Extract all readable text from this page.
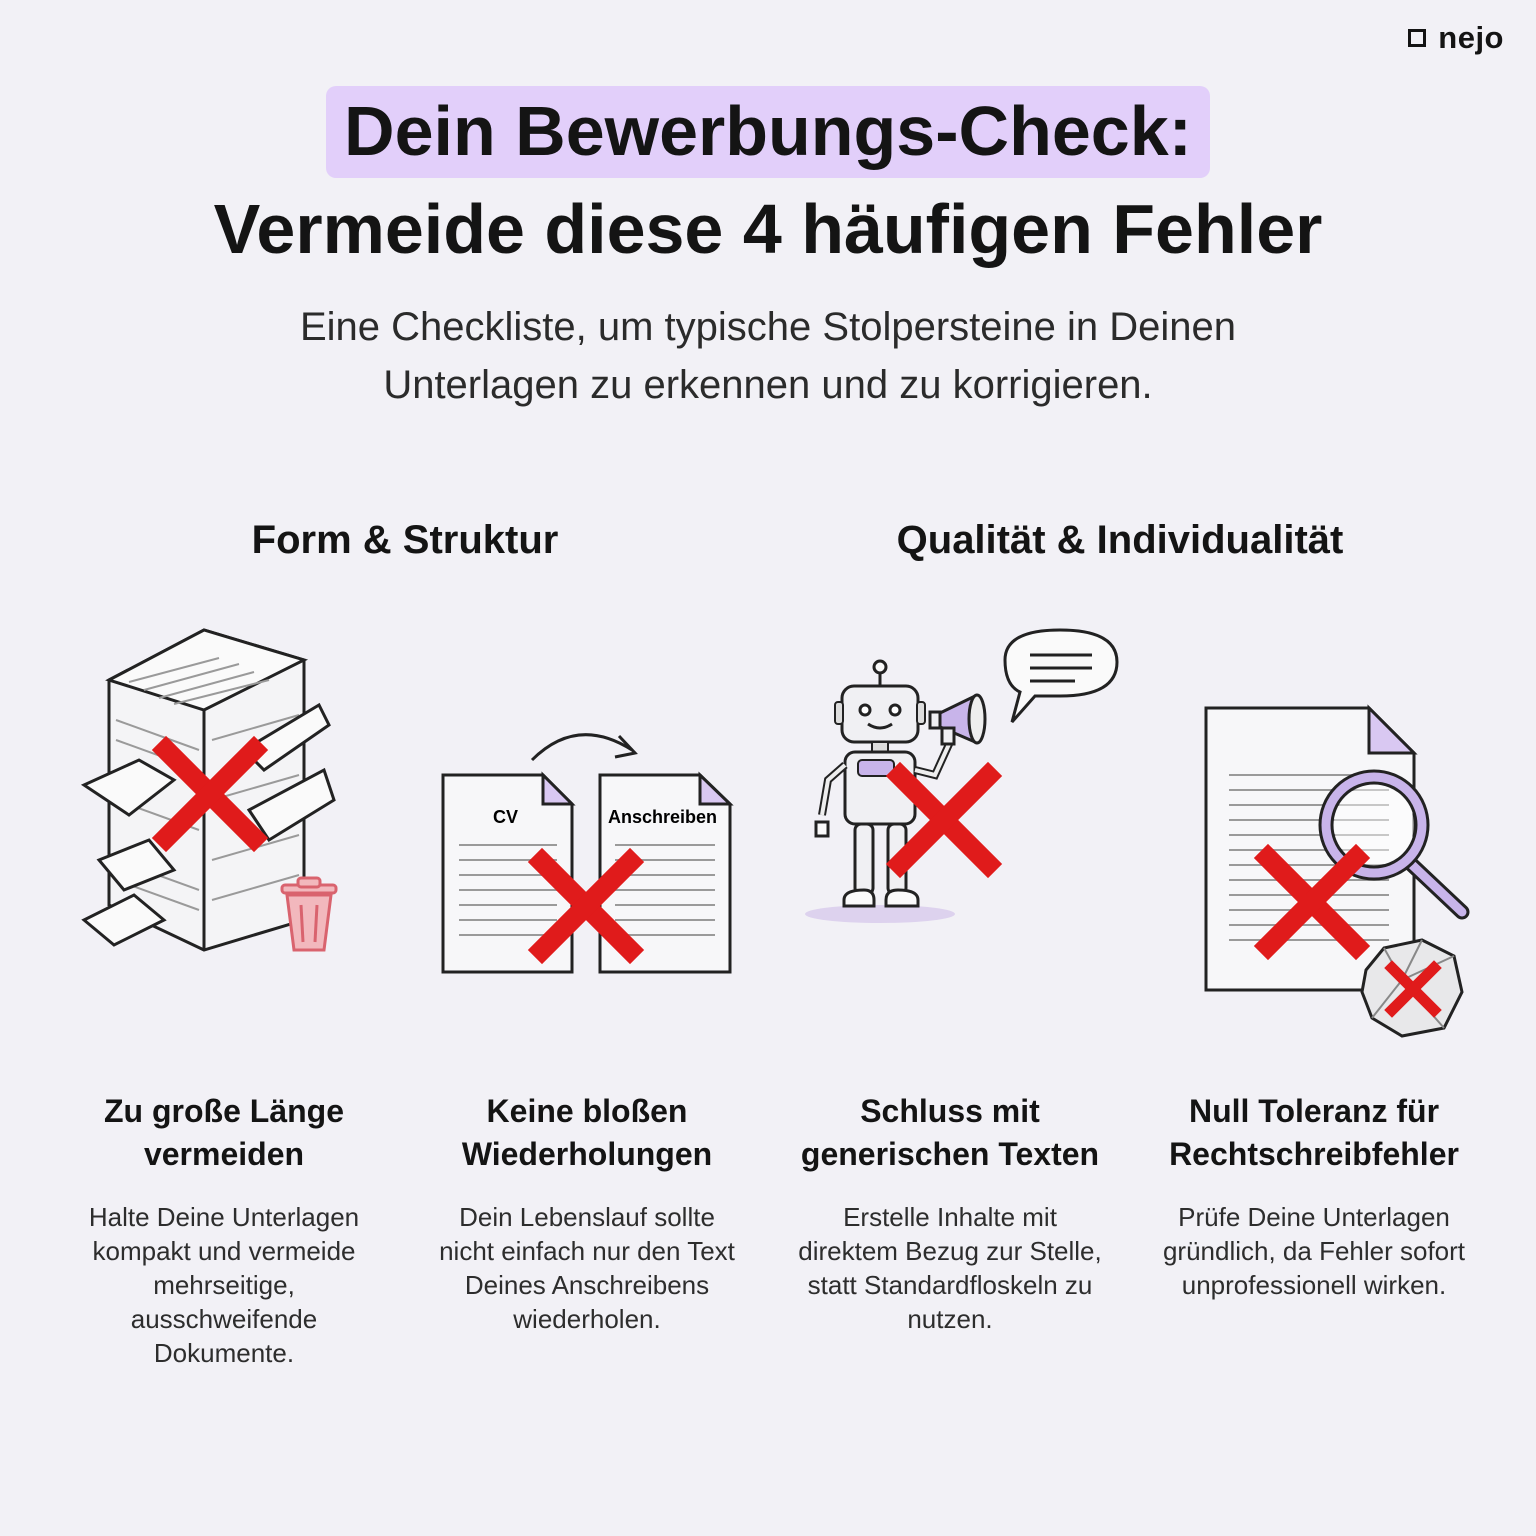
nejo
Dein Bewerbungs-Check:
Vermeide diese 4 häufigen Fehler
Eine Checkliste, um typische Stolpersteine in Deinen
Unterlagen zu erkennen und zu korrigieren.
Form & Struktur	Qualität & Individualität
Zu große Länge
vermeiden
Halte Deine Unterlagen
kompakt und vermeide
mehrseitige,
ausschweifende
Dokumente.
CV	Anschreiben
Keine bloßen
Wiederholungen
Dein Lebenslauf sollte
nicht einfach nur den Text
Deines Anschreibens
wiederholen.
Schluss mit
generischen Texten
Erstelle Inhalte mit
direktem Bezug zur Stelle,
statt Standardfloskeln zu
nutzen.
Null Toleranz für
Rechtschreibfehler
Prüfe Deine Unterlagen
gründlich, da Fehler sofort
unprofessionell wirken.
